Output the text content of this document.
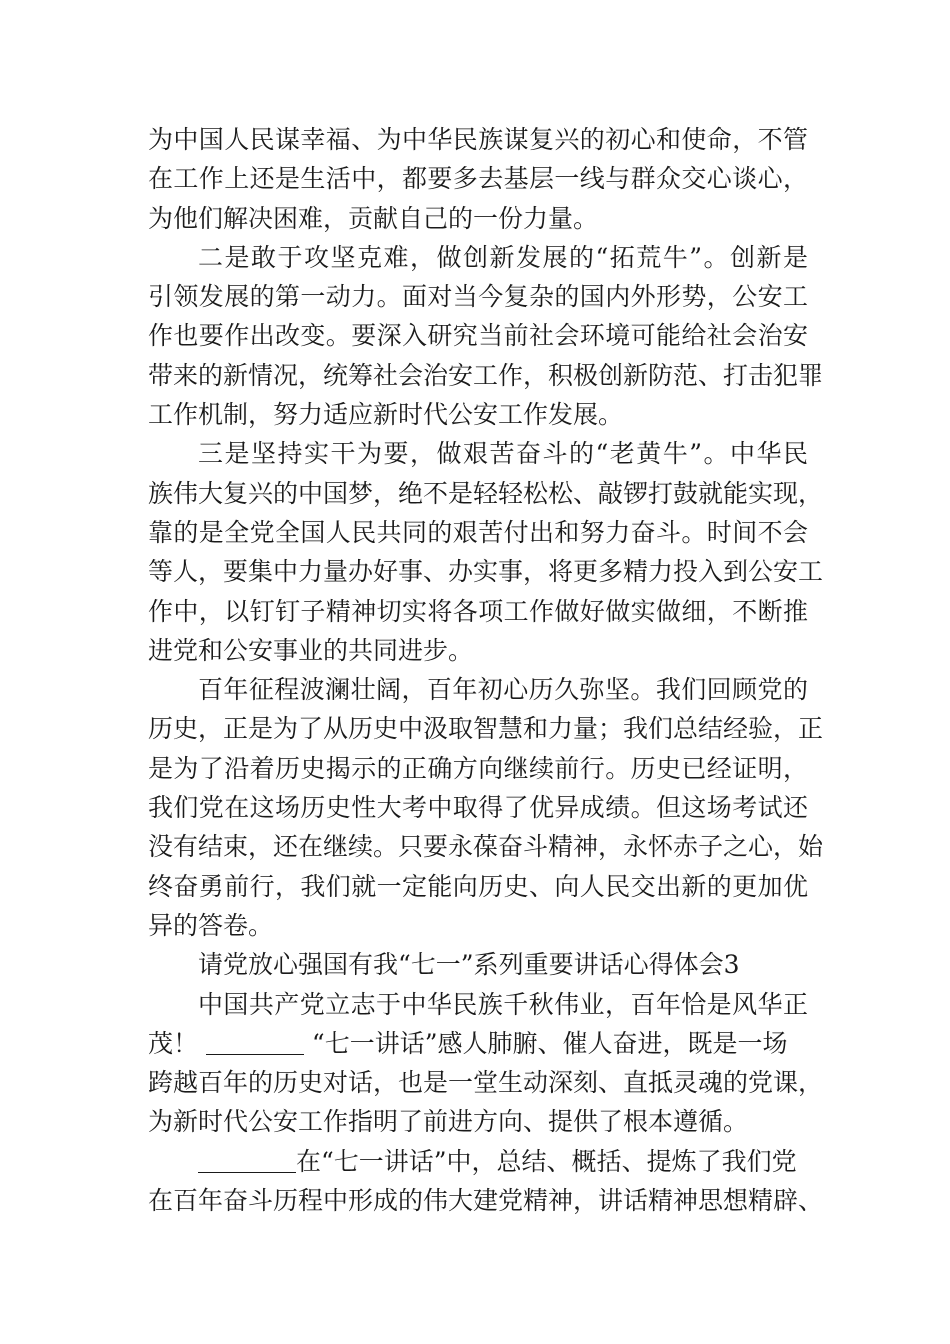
为中国人民谋幸福、为中华民族谋复兴的初心和使命，不管
在工作上还是生活中，都要多去基层一线与群众交心谈心，
为他们解决困难，贡献自己的一份力量。
二是敢于攻坚克难，做创新发展的“拓荒牛”。创新是
引领发展的第一动力。面对当今复杂的国内外形势，公安工
作也要作出改变。要深入研究当前社会环境可能给社会治安
带来的新情况，统筹社会治安工作，积极创新防范、打击犯罪
工作机制，努力适应新时代公安工作发展。
三是坚持实干为要，做艰苦奋斗的“老黄牛”。中华民
族伟大复兴的中国梦，绝不是轻轻松松、敲锣打鼓就能实现，
靠的是全党全国人民共同的艰苦付出和努力奋斗。时间不会
等人，要集中力量办好事、办实事，将更多精力投入到公安工
作中，以钉钉子精神切实将各项工作做好做实做细，不断推
进党和公安事业的共同进步。
百年征程波澜壮阔，百年初心历久弥坚。我们回顾党的
历史，正是为了从历史中汲取智慧和力量；我们总结经验，正
是为了沿着历史揭示的正确方向继续前行。历史已经证明，
我们党在这场历史性大考中取得了优异成绩。但这场考试还
没有结束，还在继续。只要永葆奋斗精神，永怀赤子之心，始
终奋勇前行，我们就一定能向历史、向人民交出新的更加优
异的答卷。
请党放心强国有我“七一”系列重要讲话心得体会3
中国共产党立志于中华民族千秋伟业，百年恰是风华正
茂！	“七一讲话”感人肺腑、催人奋进，既是一场
跨越百年的历史对话，也是一堂生动深刻、直抵灵魂的党课，
为新时代公安工作指明了前进方向、提供了根本遵循。
在“七一讲话”中，总结、概括、提炼了我们党
在百年奋斗历程中形成的伟大建党精神，讲话精神思想精辟、
